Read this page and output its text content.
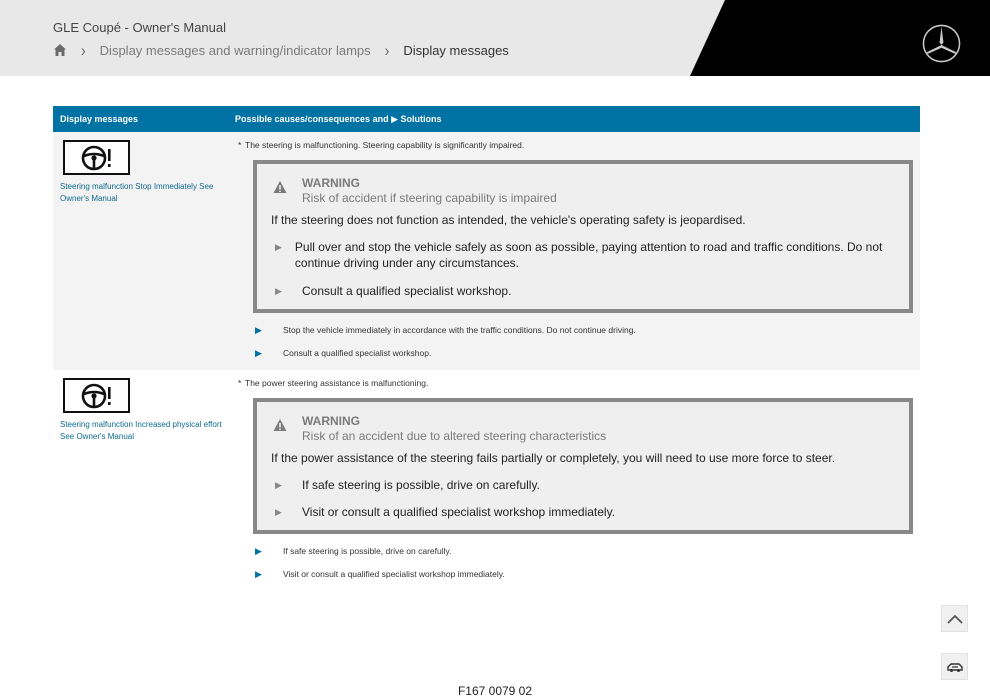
GLE Coupé - Owner's Manual
› Display messages and warning/indicator lamps › Display messages
Display messages	Possible causes/consequences and ▶ Solutions
Steering malfunction Stop Immediately See Owner's Manual
* The steering is malfunctioning. Steering capability is significantly impaired.
WARNING
Risk of accident if steering capability is impaired
If the steering does not function as intended, the vehicle's operating safety is jeopardised.
▶	Pull over and stop the vehicle safely as soon as possible, paying attention to road and traffic conditions. Do not continue driving under any circumstances.
▶	Consult a qualified specialist workshop.
▶	Stop the vehicle immediately in accordance with the traffic conditions. Do not continue driving.
▶	Consult a qualified specialist workshop.
Steering malfunction Increased physical effort See Owner's Manual
* The power steering assistance is malfunctioning.
WARNING
Risk of an accident due to altered steering characteristics
If the power assistance of the steering fails partially or completely, you will need to use more force to steer.
▶	If safe steering is possible, drive on carefully.
▶	Visit or consult a qualified specialist workshop immediately.
▶	If safe steering is possible, drive on carefully.
▶	Visit or consult a qualified specialist workshop immediately.
F167 0079 02
